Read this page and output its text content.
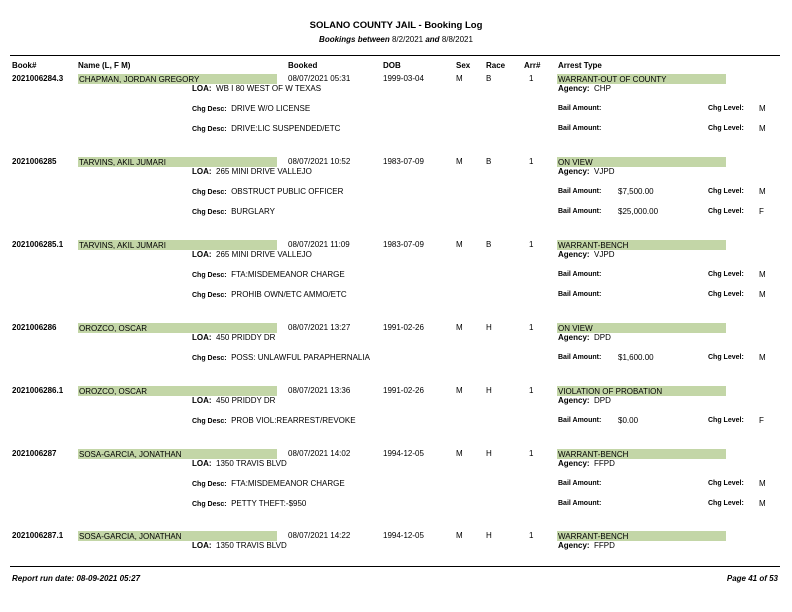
SOLANO COUNTY JAIL - Booking Log
Bookings between 8/2/2021 and 8/8/2021
Book#	Name (L, F M)	Booked	DOB	Sex Race Arr# Arrest Type
2021006284.3 CHAPMAN, JORDAN GREGORY	08/07/2021 05:31	1999-03-04	M	B	1	WARRANT-OUT OF COUNTY
LOA: WB I 80 WEST OF W TEXAS	Agency: CHP
Chg Desc: DRIVE W/O LICENSE	Bail Amount:	Chg Level: M
Chg Desc: DRIVE:LIC SUSPENDED/ETC	Bail Amount:	Chg Level: M
2021006285	TARVINS, AKIL JUMARI	08/07/2021 10:52	1983-07-09	M	B	1	ON VIEW
LOA: 265 MINI DRIVE VALLEJO	Agency: VJPD
Chg Desc: OBSTRUCT PUBLIC OFFICER	Bail Amount: $7,500.00	Chg Level: M
Chg Desc: BURGLARY	Bail Amount: $25,000.00	Chg Level: F
2021006285.1 TARVINS, AKIL JUMARI	08/07/2021 11:09	1983-07-09	M	B	1	WARRANT-BENCH
LOA: 265 MINI DRIVE VALLEJO	Agency: VJPD
Chg Desc: FTA:MISDEMEANOR CHARGE	Bail Amount:	Chg Level: M
Chg Desc: PROHIB OWN/ETC AMMO/ETC	Bail Amount:	Chg Level: M
2021006286	OROZCO, OSCAR	08/07/2021 13:27	1991-02-26	M	H	1	ON VIEW
LOA: 450 PRIDDY DR	Agency: DPD
Chg Desc: POSS: UNLAWFUL PARAPHERNALIA	Bail Amount: $1,600.00	Chg Level: M
2021006286.1 OROZCO, OSCAR	08/07/2021 13:36	1991-02-26	M	H	1	VIOLATION OF PROBATION
LOA: 450 PRIDDY DR	Agency: DPD
Chg Desc: PROB VIOL:REARREST/REVOKE	Bail Amount: $0.00	Chg Level: F
2021006287	SOSA-GARCIA, JONATHAN	08/07/2021 14:02	1994-12-05	M	H	1	WARRANT-BENCH
LOA: 1350 TRAVIS BLVD	Agency: FFPD
Chg Desc: FTA:MISDEMEANOR CHARGE	Bail Amount:	Chg Level: M
Chg Desc: PETTY THEFT:-$950	Bail Amount:	Chg Level: M
2021006287.1 SOSA-GARCIA, JONATHAN	08/07/2021 14:22	1994-12-05	M	H	1	WARRANT-BENCH
LOA: 1350 TRAVIS BLVD	Agency: FFPD
Report run date: 08-09-2021 05:27	Page 41 of 53
